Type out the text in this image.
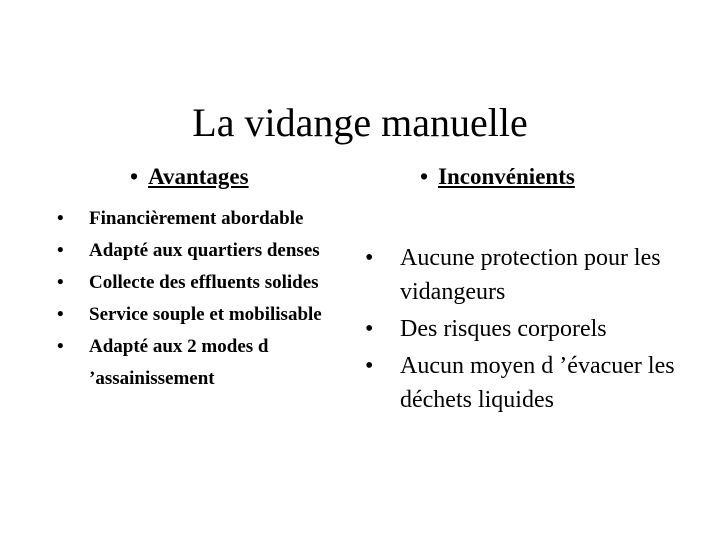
La vidange manuelle
• Avantages	• Inconvénients
• Financièrement abordable
• Adapté aux quartiers denses
• Collecte des effluents solides
• Service souple et mobilisable
• Adapté aux 2 modes d ’assainissement
• Aucune protection pour les vidangeurs
• Des risques corporels
• Aucun moyen d ’évacuer les déchets liquides
